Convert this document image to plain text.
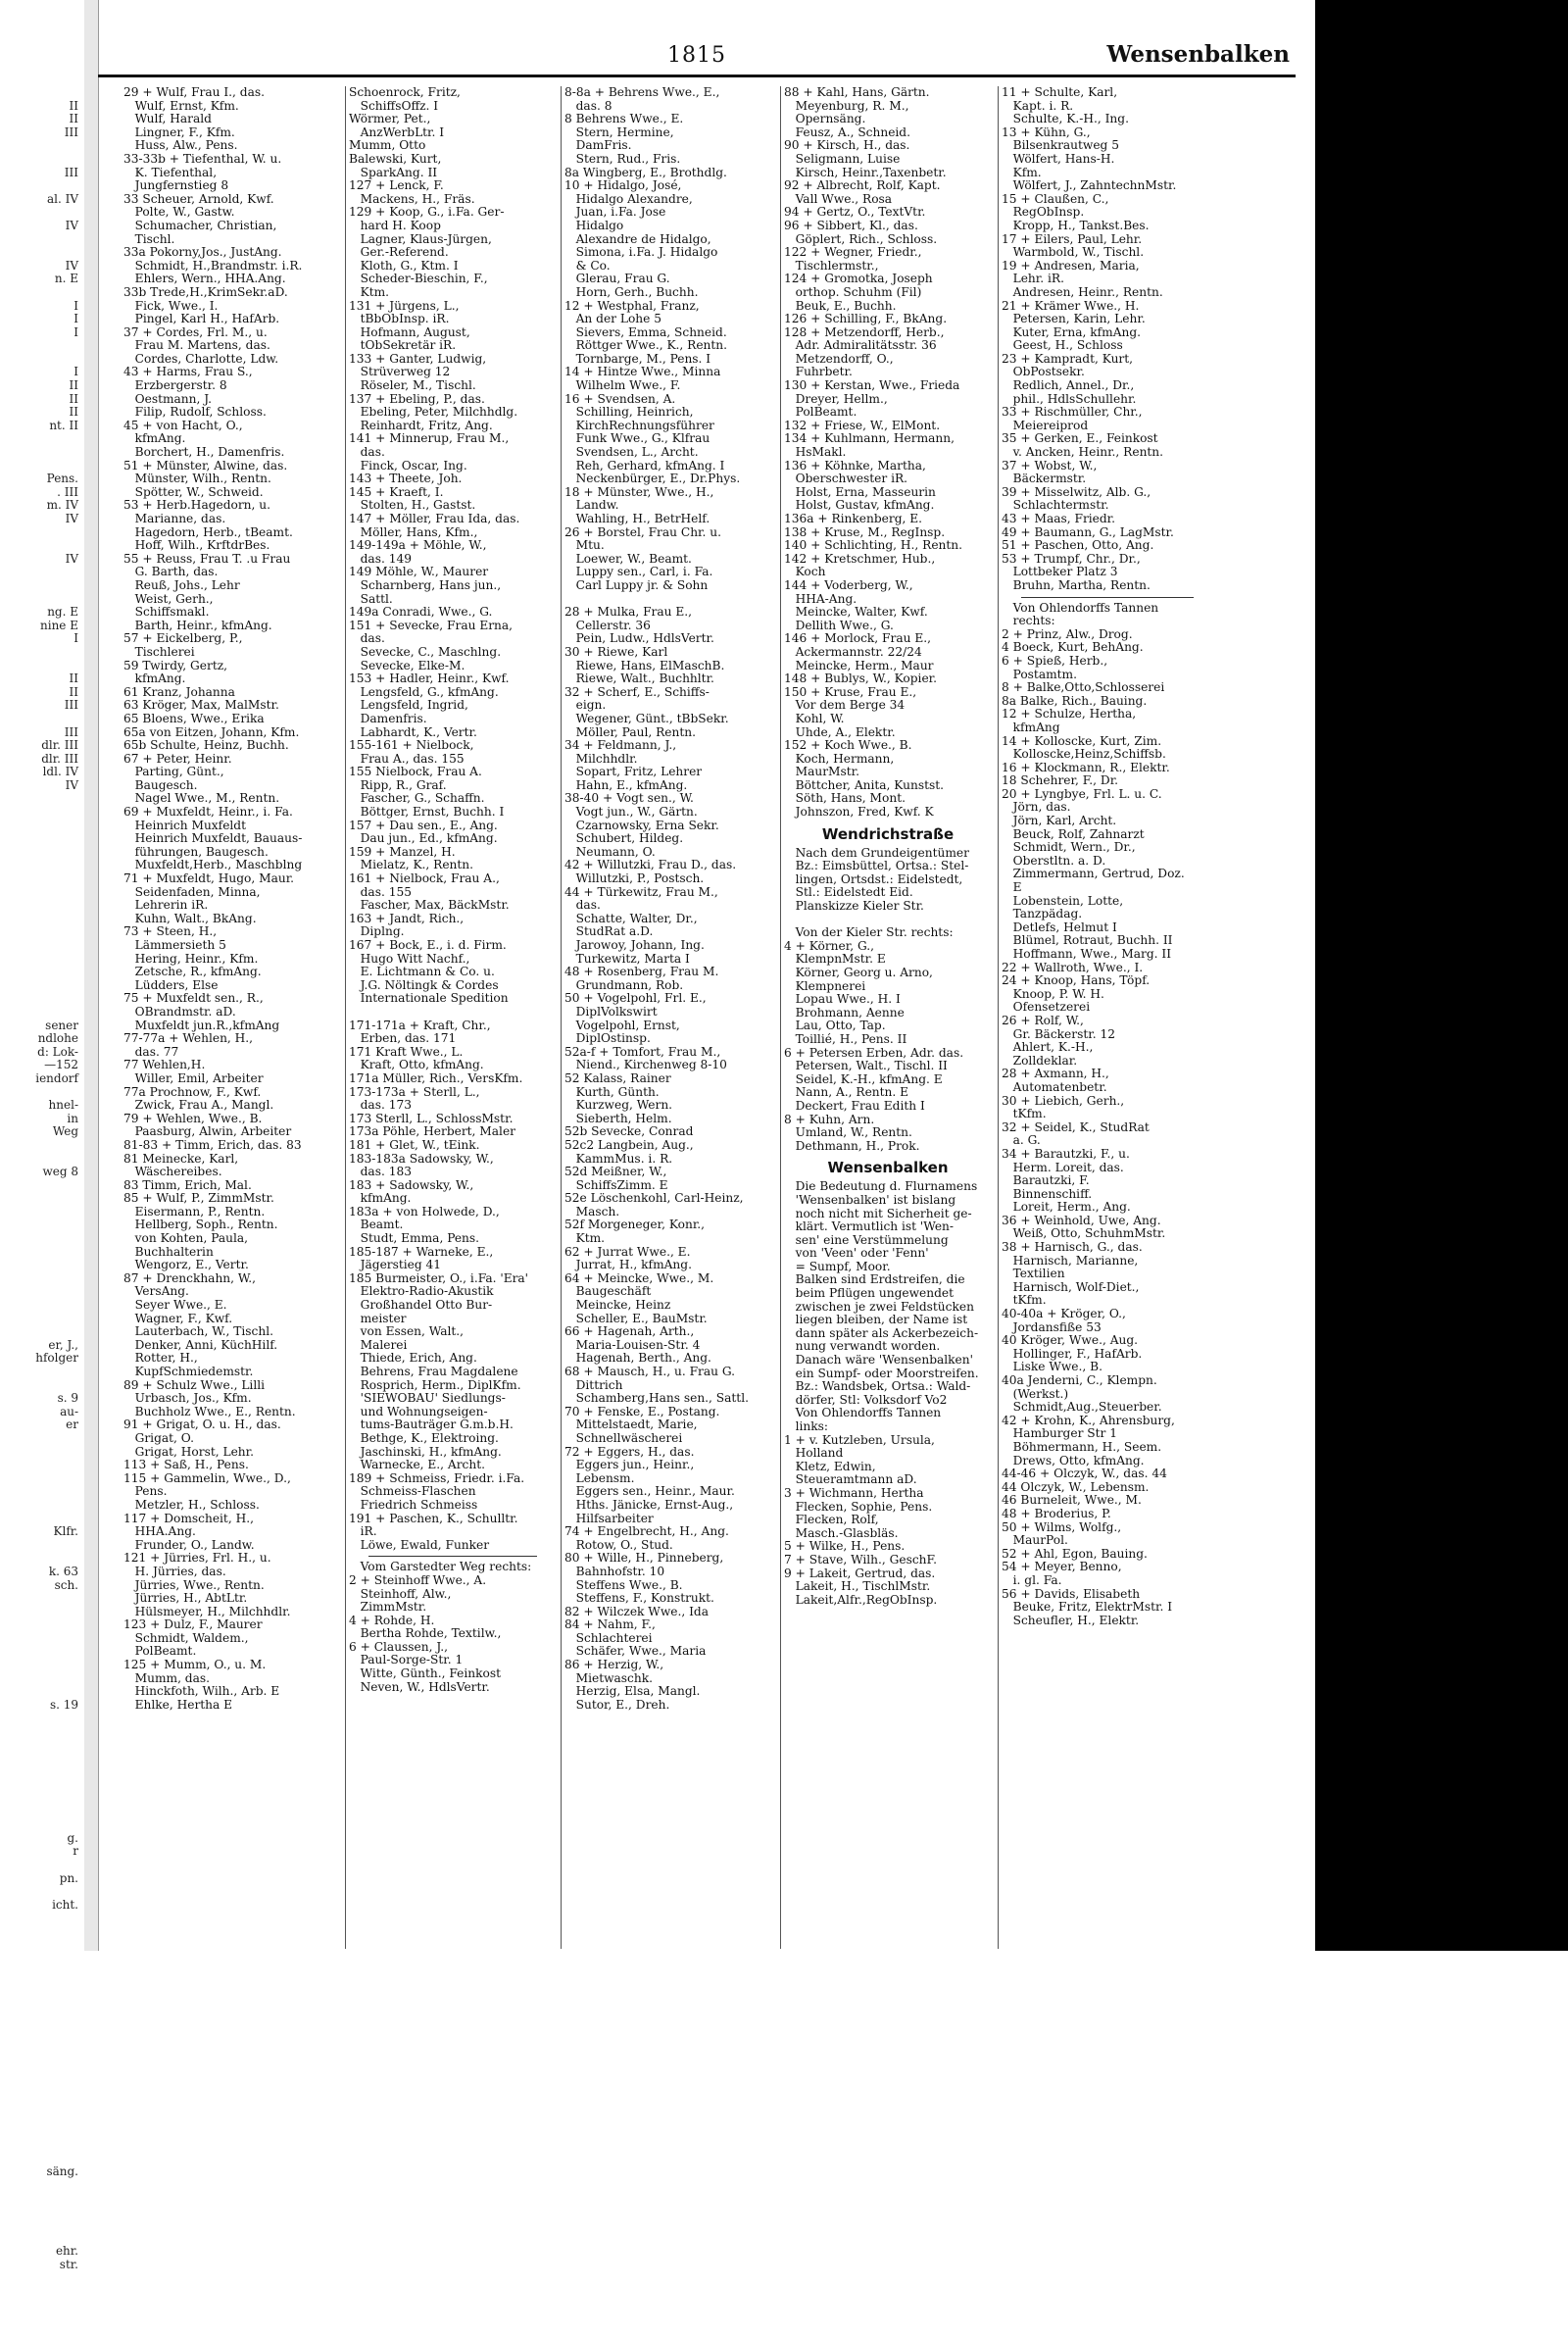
II
II
III
III
al. IV
IV
IV
n. E
I
I
I
I
II
II
II
nt. II
Pens.
. III
m. IV
IV
IV
ng. E
nine E
I
II
II
III
III
dlr. III
dlr. III
ldl. IV
IV
sener
ndlohe
d: Lok-
—152
iendorf
hnel-
in
Weg
weg 8
er, J.,
hfolger
s. 9
au-
er
Klfr.
k. 63
sch.
s. 19
g.
r
pn.
icht.
säng.
ehr.
str.
1815	Wensenbalken
29 + Wulf, Frau I., das.
Wulf, Ernst, Kfm.
Wulf, Harald
Lingner, F., Kfm.
Huss, Alw., Pens.
33-33b + Tiefenthal, W. u.
K. Tiefenthal,
Jungfernstieg 8
33 Scheuer, Arnold, Kwf.
Polte, W., Gastw.
Schumacher, Christian,
Tischl.
33a Pokorny,Jos., JustAng.
Schmidt, H.,Brandmstr. i.R.
Ehlers, Wern., HHA.Ang.
33b Trede,H.,KrimSekr.aD.
Fick, Wwe., I.
Pingel, Karl H., HafArb.
37 + Cordes, Frl. M., u.
Frau M. Martens, das.
Cordes, Charlotte, Ldw.
43 + Harms, Frau S.,
Erzbergerstr. 8
Oestmann, J.
Filip, Rudolf, Schloss.
45 + von Hacht, O.,
kfmAng.
Borchert, H., Damenfris.
51 + Münster, Alwine, das.
Münster, Wilh., Rentn.
Spötter, W., Schweid.
53 + Herb.Hagedorn, u.
Marianne, das.
Hagedorn, Herb., tBeamt.
Hoff, Wilh., KrftdrBes.
55 + Reuss, Frau T. .u Frau
G. Barth, das.
Reuß, Johs., Lehr
Weist, Gerh.,
Schiffsmakl.
Barth, Heinr., kfmAng.
57 + Eickelberg, P.,
Tischlerei
59 Twirdy, Gertz,
kfmAng.
61 Kranz, Johanna
63 Kröger, Max, MalMstr.
65 Bloens, Wwe., Erika
65a von Eitzen, Johann, Kfm.
65b Schulte, Heinz, Buchh.
67 + Peter, Heinr.
Parting, Günt.,
Baugesch.
Nagel Wwe., M., Rentn.
69 + Muxfeldt, Heinr., i. Fa.
Heinrich Muxfeldt
Heinrich Muxfeldt, Bauaus-
führungen, Baugesch.
Muxfeldt,Herb., Maschblng
71 + Muxfeldt, Hugo, Maur.
Seidenfaden, Minna,
Lehrerin iR.
Kuhn, Walt., BkAng.
73 + Steen, H.,
Lämmersieth 5
Hering, Heinr., Kfm.
Zetsche, R., kfmAng.
Lüdders, Else
75 + Muxfeldt sen., R.,
OBrandmstr. aD.
Muxfeldt jun.R.,kfmAng
77-77a + Wehlen, H.,
das. 77
77 Wehlen,H.
Willer, Emil, Arbeiter
77a Prochnow, F., Kwf.
Zwick, Frau A., Mangl.
79 + Wehlen, Wwe., B.
Paasburg, Alwin, Arbeiter
81-83 + Timm, Erich, das. 83
81 Meinecke, Karl,
Wäschereibes.
83 Timm, Erich, Mal.
85 + Wulf, P., ZimmMstr.
Eisermann, P., Rentn.
Hellberg, Soph., Rentn.
von Kohten, Paula,
Buchhalterin
Wengorz, E., Vertr.
87 + Drenckhahn, W.,
VersAng.
Seyer Wwe., E.
Wagner, F., Kwf.
Lauterbach, W., Tischl.
Denker, Anni, KüchHilf.
Rotter, H.,
KupfSchmiedemstr.
89 + Schulz Wwe., Lilli
Urbasch, Jos., Kfm.
Buchholz Wwe., E., Rentn.
91 + Grigat, O. u. H., das.
Grigat, O.
Grigat, Horst, Lehr.
113 + Saß, H., Pens.
115 + Gammelin, Wwe., D.,
Pens.
Metzler, H., Schloss.
117 + Domscheit, H.,
HHA.Ang.
Frunder, O., Landw.
121 + Jürries, Frl. H., u.
H. Jürries, das.
Jürries, Wwe., Rentn.
Jürries, H., AbtLtr.
Hülsmeyer, H., Milchhdlr.
123 + Dulz, F., Maurer
Schmidt, Waldem.,
PolBeamt.
125 + Mumm, O., u. M.
Mumm, das.
Hinckfoth, Wilh., Arb. E
Ehlke, Hertha E
Schoenrock, Fritz,
SchiffsOffz. I
Wörmer, Pet.,
AnzWerbLtr. I
Mumm, Otto
Balewski, Kurt,
SparkAng. II
127 + Lenck, F.
Mackens, H., Fräs.
129 + Koop, G., i.Fa. Ger-
hard H. Koop
Lagner, Klaus-Jürgen,
Ger.-Referend.
Kloth, G., Ktm. I
Scheder-Bieschin, F.,
Ktm.
131 + Jürgens, L.,
tBbObInsp. iR.
Hofmann, August,
tObSekretär iR.
133 + Ganter, Ludwig,
Strüverweg 12
Röseler, M., Tischl.
137 + Ebeling, P., das.
Ebeling, Peter, Milchhdlg.
Reinhardt, Fritz, Ang.
141 + Minnerup, Frau M.,
das.
Finck, Oscar, Ing.
143 + Theete, Joh.
145 + Kraeft, I.
Stolten, H., Gastst.
147 + Möller, Frau Ida, das.
Möller, Hans, Kfm.,
149-149a + Möhle, W.,
das. 149
149 Möhle, W., Maurer
Scharnberg, Hans jun.,
Sattl.
149a Conradi, Wwe., G.
151 + Sevecke, Frau Erna,
das.
Sevecke, C., Maschlng.
Sevecke, Elke-M.
153 + Hadler, Heinr., Kwf.
Lengsfeld, G., kfmAng.
Lengsfeld, Ingrid,
Damenfris.
Labhardt, K., Vertr.
155-161 + Nielbock,
Frau A., das. 155
155 Nielbock, Frau A.
Ripp, R., Graf.
Fascher, G., Schaffn.
Böttger, Ernst, Buchh. I
157 + Dau sen., E., Ang.
Dau jun., Ed., kfmAng.
159 + Manzel, H.
Mielatz, K., Rentn.
161 + Nielbock, Frau A.,
das. 155
Fascher, Max, BäckMstr.
163 + Jandt, Rich.,
Diplng.
167 + Bock, E., i. d. Firm.
Hugo Witt Nachf.,
E. Lichtmann & Co. u.
J.G. Nöltingk & Cordes
Internationale Spedition
171-171a + Kraft, Chr.,
Erben, das. 171
171 Kraft Wwe., L.
Kraft, Otto, kfmAng.
171a Müller, Rich., VersKfm.
173-173a + Sterll, L.,
das. 173
173 Sterll, L., SchlossMstr.
173a Pöhle, Herbert, Maler
181 + Glet, W., tEink.
183-183a Sadowsky, W.,
das. 183
183 + Sadowsky, W.,
kfmAng.
183a + von Holwede, D.,
Beamt.
Studt, Emma, Pens.
185-187 + Warneke, E.,
Jägerstieg 41
185 Burmeister, O., i.Fa. 'Era'
Elektro-Radio-Akustik
Großhandel Otto Bur-
meister
von Essen, Walt.,
Malerei
Thiede, Erich, Ang.
Behrens, Frau Magdalene
Rosprich, Herm., DiplKfm.
'SIEWOBAU' Siedlungs-
und Wohnungseigen-
tums-Bauträger G.m.b.H.
Bethge, K., Elektroing.
Jaschinski, H., kfmAng.
Warnecke, E., Archt.
189 + Schmeiss, Friedr. i.Fa.
Schmeiss-Flaschen
Friedrich Schmeiss
191 + Paschen, K., Schulltr.
iR.
Löwe, Ewald, Funker
Vom Garstedter Weg rechts:
2 + Steinhoff Wwe., A.
Steinhoff, Alw.,
ZimmMstr.
4 + Rohde, H.
Bertha Rohde, Textilw.,
6 + Claussen, J.,
Paul-Sorge-Str. 1
Witte, Günth., Feinkost
Neven, W., HdlsVertr.
8-8a + Behrens Wwe., E.,
das. 8
8 Behrens Wwe., E.
Stern, Hermine,
DamFris.
Stern, Rud., Fris.
8a Wingberg, E., Brothdlg.
10 + Hidalgo, José,
Hidalgo Alexandre,
Juan, i.Fa. Jose
Hidalgo
Alexandre de Hidalgo,
Simona, i.Fa. J. Hidalgo
& Co.
Glerau, Frau G.
Horn, Gerh., Buchh.
12 + Westphal, Franz,
An der Lohe 5
Sievers, Emma, Schneid.
Röttger Wwe., K., Rentn.
Tornbarge, M., Pens. I
14 + Hintze Wwe., Minna
Wilhelm Wwe., F.
16 + Svendsen, A.
Schilling, Heinrich,
KirchRechnungsführer
Funk Wwe., G., Klfrau
Svendsen, L., Archt.
Reh, Gerhard, kfmAng. I
Neckenbürger, E., Dr.Phys.
18 + Münster, Wwe., H.,
Landw.
Wahling, H., BetrHelf.
26 + Borstel, Frau Chr. u.
Mtu.
Loewer, W., Beamt.
Luppy sen., Carl, i. Fa.
Carl Luppy jr. & Sohn
28 + Mulka, Frau E.,
Cellerstr. 36
Pein, Ludw., HdlsVertr.
30 + Riewe, Karl
Riewe, Hans, ElMaschB.
Riewe, Walt., Buchhltr.
32 + Scherf, E., Schiffs-
eign.
Wegener, Günt., tBbSekr.
Möller, Paul, Rentn.
34 + Feldmann, J.,
Milchhdlr.
Sopart, Fritz, Lehrer
Hahn, E., kfmAng.
38-40 + Vogt sen., W.
Vogt jun., W., Gärtn.
Czarnowsky, Erna Sekr.
Schubert, Hildeg.
Neumann, O.
42 + Willutzki, Frau D., das.
Willutzki, P., Postsch.
44 + Türkewitz, Frau M.,
das.
Schatte, Walter, Dr.,
StudRat a.D.
Jarowoy, Johann, Ing.
Turkewitz, Marta I
48 + Rosenberg, Frau M.
Grundmann, Rob.
50 + Vogelpohl, Frl. E.,
DiplVolkswirt
Vogelpohl, Ernst,
DiplOstinsp.
52a-f + Tomfort, Frau M.,
Niend., Kirchenweg 8-10
52 Kalass, Rainer
Kurth, Günth.
Kurzweg, Wern.
Sieberth, Helm.
52b Sevecke, Conrad
52c2 Langbein, Aug.,
KammMus. i. R.
52d Meißner, W.,
SchiffsZimm. E
52e Löschenkohl, Carl-Heinz,
Masch.
52f Morgeneger, Konr.,
Ktm.
62 + Jurrat Wwe., E.
Jurrat, H., kfmAng.
64 + Meincke, Wwe., M.
Baugeschäft
Meincke, Heinz
Scheller, E., BauMstr.
66 + Hagenah, Arth.,
Maria-Louisen-Str. 4
Hagenah, Berth., Ang.
68 + Mausch, H., u. Frau G.
Dittrich
Schamberg,Hans sen., Sattl.
70 + Fenske, E., Postang.
Mittelstaedt, Marie,
Schnellwäscherei
72 + Eggers, H., das.
Eggers jun., Heinr.,
Lebensm.
Eggers sen., Heinr., Maur.
Hths. Jänicke, Ernst-Aug.,
Hilfsarbeiter
74 + Engelbrecht, H., Ang.
Rotow, O., Stud.
80 + Wille, H., Pinneberg,
Bahnhofstr. 10
Steffens Wwe., B.
Steffens, F., Konstrukt.
82 + Wilczek Wwe., Ida
84 + Nahm, F.,
Schlachterei
Schäfer, Wwe., Maria
86 + Herzig, W.,
Mietwaschk.
Herzig, Elsa, Mangl.
Sutor, E., Dreh.
88 + Kahl, Hans, Gärtn.
Meyenburg, R. M.,
Opernsäng.
Feusz, A., Schneid.
90 + Kirsch, H., das.
Seligmann, Luise
Kirsch, Heinr.,Taxenbetr.
92 + Albrecht, Rolf, Kapt.
Vall Wwe., Rosa
94 + Gertz, O., TextVtr.
96 + Sibbert, Kl., das.
Göplert, Rich., Schloss.
122 + Wegner, Friedr.,
Tischlermstr.,
124 + Gromotka, Joseph
orthop. Schuhm (Fil)
Beuk, E., Buchh.
126 + Schilling, F., BkAng.
128 + Metzendorff, Herb.,
Adr. Admiralitätsstr. 36
Metzendorff, O.,
Fuhrbetr.
130 + Kerstan, Wwe., Frieda
Dreyer, Hellm.,
PolBeamt.
132 + Friese, W., ElMont.
134 + Kuhlmann, Hermann,
HsMakl.
136 + Köhnke, Martha,
Oberschwester iR.
Holst, Erna, Masseurin
Holst, Gustav, kfmAng.
136a + Rinkenberg, E.
138 + Kruse, M., RegInsp.
140 + Schlichting, H., Rentn.
142 + Kretschmer, Hub.,
Koch
144 + Voderberg, W.,
HHA-Ang.
Meincke, Walter, Kwf.
Dellith Wwe., G.
146 + Morlock, Frau E.,
Ackermannstr. 22/24
Meincke, Herm., Maur
148 + Bublys, W., Kopier.
150 + Kruse, Frau E.,
Vor dem Berge 34
Kohl, W.
Uhde, A., Elektr.
152 + Koch Wwe., B.
Koch, Hermann,
MaurMstr.
Böttcher, Anita, Kunstst.
Söth, Hans, Mont.
Johnszon, Fred, Kwf. K
Wendrichstraße
Nach dem Grundeigentümer
Bz.: Eimsbüttel, Ortsa.: Stel-
lingen, Ortsdst.: Eidelstedt,
Stl.: Eidelstedt Eid.
Planskizze Kieler Str.
Von der Kieler Str. rechts:
4 + Körner, G.,
KlempnMstr. E
Körner, Georg u. Arno,
Klempnerei
Lopau Wwe., H. I
Brohmann, Aenne
Lau, Otto, Tap.
Toillié, H., Pens. II
6 + Petersen Erben, Adr. das.
Petersen, Walt., Tischl. II
Seidel, K.-H., kfmAng. E
Nann, A., Rentn. E
Deckert, Frau Edith I
8 + Kuhn, Arn.
Umland, W., Rentn.
Dethmann, H., Prok.
Wensenbalken
Die Bedeutung d. Flurnamens
'Wensenbalken' ist bislang
noch nicht mit Sicherheit ge-
klärt. Vermutlich ist 'Wen-
sen' eine Verstümmelung
von 'Veen' oder 'Fenn'
= Sumpf, Moor.
Balken sind Erdstreifen, die
beim Pflügen ungewendet
zwischen je zwei Feldstücken
liegen bleiben, der Name ist
dann später als Ackerbezeich-
nung verwandt worden.
Danach wäre 'Wensenbalken'
ein Sumpf- oder Moorstreifen.
Bz.: Wandsbek, Ortsa.: Wald-
dörfer, Stl: Volksdorf Vo2
Von Ohlendorffs Tannen
links:
1 + v. Kutzleben, Ursula,
Holland
Kletz, Edwin,
Steueramtmann aD.
3 + Wichmann, Hertha
Flecken, Sophie, Pens.
Flecken, Rolf,
Masch.-Glasbläs.
5 + Wilke, H., Pens.
7 + Stave, Wilh., GeschF.
9 + Lakeit, Gertrud, das.
Lakeit, H., TischlMstr.
Lakeit,Alfr.,RegObInsp.
11 + Schulte, Karl,
Kapt. i. R.
Schulte, K.-H., Ing.
13 + Kühn, G.,
Bilsenkrautweg 5
Wölfert, Hans-H.
Kfm.
Wölfert, J., ZahntechnMstr.
15 + Claußen, C.,
RegObInsp.
Kropp, H., Tankst.Bes.
17 + Eilers, Paul, Lehr.
Warmbold, W., Tischl.
19 + Andresen, Maria,
Lehr. iR.
Andresen, Heinr., Rentn.
21 + Krämer Wwe., H.
Petersen, Karin, Lehr.
Kuter, Erna, kfmAng.
Geest, H., Schloss
23 + Kampradt, Kurt,
ObPostsekr.
Redlich, Annel., Dr.,
phil., HdlsSchullehr.
33 + Rischmüller, Chr.,
Meiereiprod
35 + Gerken, E., Feinkost
v. Ancken, Heinr., Rentn.
37 + Wobst, W.,
Bäckermstr.
39 + Misselwitz, Alb. G.,
Schlachtermstr.
43 + Maas, Friedr.
49 + Baumann, G., LagMstr.
51 + Paschen, Otto, Ang.
53 + Trumpf, Chr., Dr.,
Lottbeker Platz 3
Bruhn, Martha, Rentn.
Von Ohlendorffs Tannen
rechts:
2 + Prinz, Alw., Drog.
4 Boeck, Kurt, BehAng.
6 + Spieß, Herb.,
Postamtm.
8 + Balke,Otto,Schlosserei
8a Balke, Rich., Bauing.
12 + Schulze, Hertha,
kfmAng
14 + Kolloscke, Kurt, Zim.
Kolloscke,Heinz,Schiffsb.
16 + Klockmann, R., Elektr.
18 Schehrer, F., Dr.
20 + Lyngbye, Frl. L. u. C.
Jörn, das.
Jörn, Karl, Archt.
Beuck, Rolf, Zahnarzt
Schmidt, Wern., Dr.,
Oberstltn. a. D.
Zimmermann, Gertrud, Doz.
E
Lobenstein, Lotte,
Tanzpädag.
Detlefs, Helmut I
Blümel, Rotraut, Buchh. II
Hoffmann, Wwe., Marg. II
22 + Wallroth, Wwe., I.
24 + Knoop, Hans, Töpf.
Knoop, P. W. H.
Ofensetzerei
26 + Rolf, W.,
Gr. Bäckerstr. 12
Ahlert, K.-H.,
Zolldeklar.
28 + Axmann, H.,
Automatenbetr.
30 + Liebich, Gerh.,
tKfm.
32 + Seidel, K., StudRat
a. G.
34 + Barautzki, F., u.
Herm. Loreit, das.
Barautzki, F.
Binnenschiff.
Loreit, Herm., Ang.
36 + Weinhold, Uwe, Ang.
Weiß, Otto, SchuhmMstr.
38 + Harnisch, G., das.
Harnisch, Marianne,
Textilien
Harnisch, Wolf-Diet.,
tKfm.
40-40a + Kröger, O.,
Jordansfiße 53
40 Kröger, Wwe., Aug.
Hollinger, F., HafArb.
Liske Wwe., B.
40a Jenderni, C., Klempn.
(Werkst.)
Schmidt,Aug.,Steuerber.
42 + Krohn, K., Ahrensburg,
Hamburger Str 1
Böhmermann, H., Seem.
Drews, Otto, kfmAng.
44-46 + Olczyk, W., das. 44
44 Olczyk, W., Lebensm.
46 Burneleit, Wwe., M.
48 + Broderius, P.
50 + Wilms, Wolfg.,
MaurPol.
52 + Ahl, Egon, Bauing.
54 + Meyer, Benno,
i. gl. Fa.
56 + Davids, Elisabeth
Beuke, Fritz, ElektrMstr. I
Scheufler, H., Elektr.
